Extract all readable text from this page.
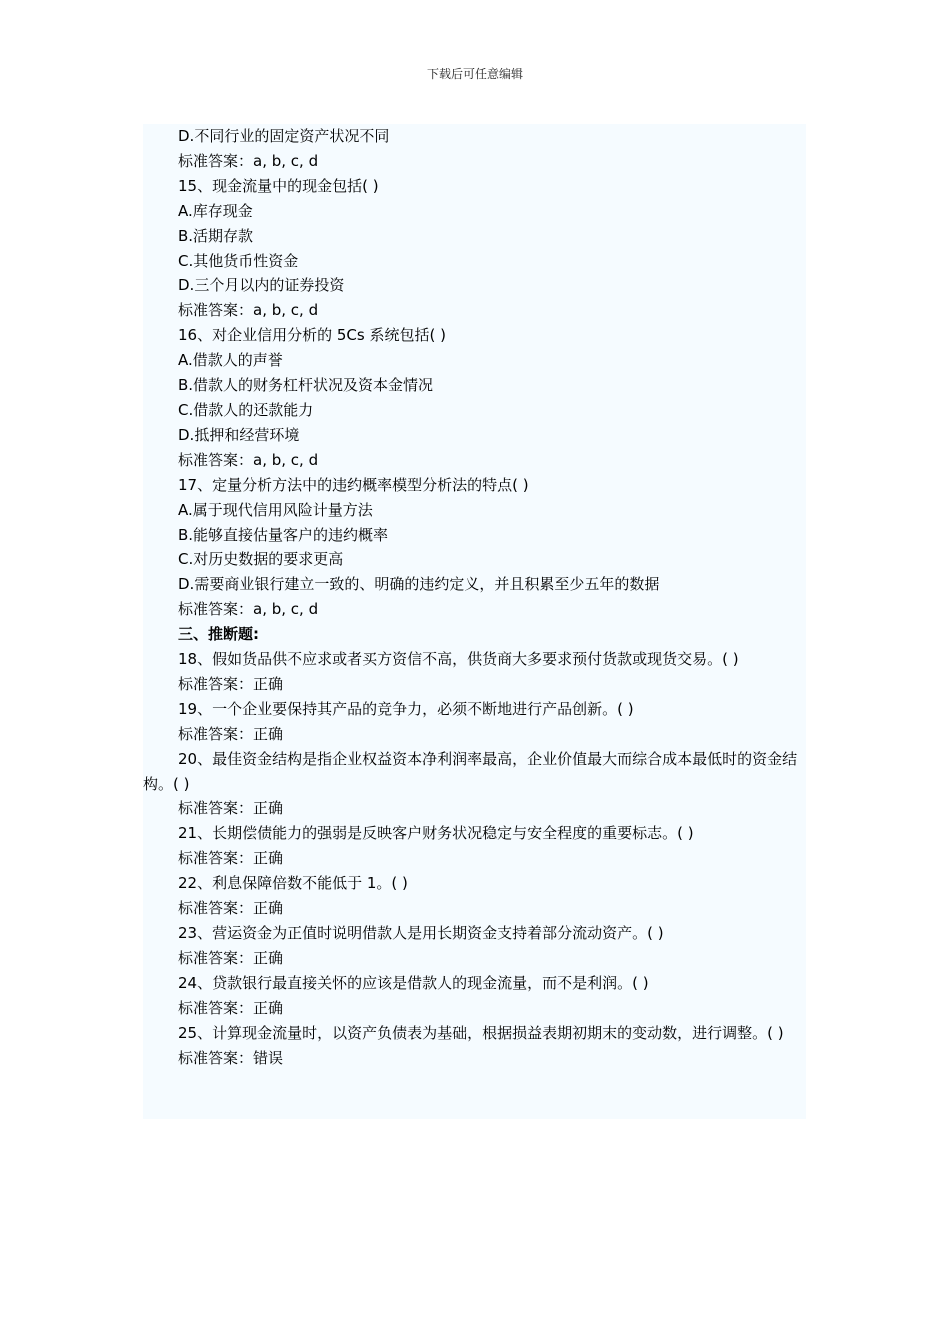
下载后可任意编辑
D.不同行业的固定资产状况不同
标准答案：a, b, c, d
15、现金流量中的现金包括( )
A.库存现金
B.活期存款
C.其他货币性资金
D.三个月以内的证券投资
标准答案：a, b, c, d
16、对企业信用分析的 5Cs 系统包括( )
A.借款人的声誉
B.借款人的财务杠杆状况及资本金情况
C.借款人的还款能力
D.抵押和经营环境
标准答案：a, b, c, d
17、定量分析方法中的违约概率模型分析法的特点( )
A.属于现代信用风险计量方法
B.能够直接估量客户的违约概率
C.对历史数据的要求更高
D.需要商业银行建立一致的、明确的违约定义，并且积累至少五年的数据
标准答案：a, b, c, d
三、推断题:
18、假如货品供不应求或者买方资信不高，供货商大多要求预付货款或现货交易。( )
标准答案：正确
19、一个企业要保持其产品的竞争力，必须不断地进行产品创新。( )
标准答案：正确
20、最佳资金结构是指企业权益资本净利润率最高，企业价值最大而综合成本最低时的资金结构。( )
标准答案：正确
21、长期偿债能力的强弱是反映客户财务状况稳定与安全程度的重要标志。( )
标准答案：正确
22、利息保障倍数不能低于 1。( )
标准答案：正确
23、营运资金为正值时说明借款人是用长期资金支持着部分流动资产。( )
标准答案：正确
24、贷款银行最直接关怀的应该是借款人的现金流量，而不是利润。( )
标准答案：正确
25、计算现金流量时，以资产负债表为基础，根据损益表期初期末的变动数，进行调整。( )
标准答案：错误
